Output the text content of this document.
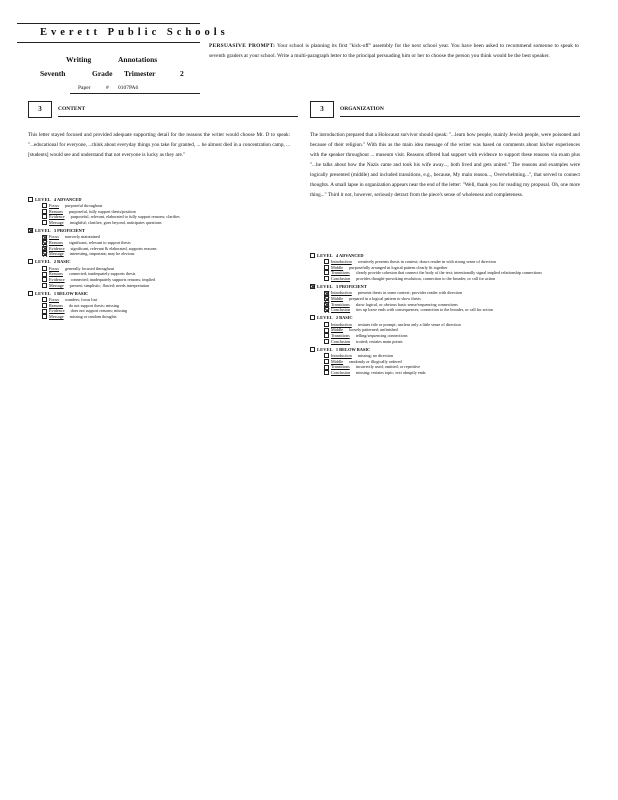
Everett Public Schools
Writing	Annotations
Seventh	Grade Trimester	2
Paper	# 0107PA6
PERSUASIVE PROMPT: Your school is planning its first "kick-off" assembly for the next school year. You have been asked to recommend someone to speak to seventh graders at your school. Write a multi-paragraph letter to the principal persuading him or her to choose the person you think would be the best speaker.
3	CONTENT
This letter stayed focused and provided adequate supporting detail for the reasons the writer would choose Mr. D to speak: "...educational for everyone, ...think about everyday things you take for granted, ... he almost died in a concentration camp, ...[students] would see and understand that not everyone is lucky as they are."
LEVEL 4 ADVANCED
Focus purposeful throughout
Reasons purposeful, fully support thesis/position
Evidence purposeful, relevant, elaborated to fully support reasons; clarifies
Message insightful; clarifies; goes beyond, anticipates questions
LEVEL 3 PROFICIENT
Focus narrowly maintained
Reasons significant, relevant to support thesis
Evidence significant, relevant & elaborated, supports reasons
Message interesting, important; may be obvious
LEVEL 2 BASIC
Focus generally focused throughout
Reasons connected; inadequately supports thesis
Evidence connected; inadequately supports reasons; implied
Message present; simplistic; flawed; needs interpretation
LEVEL 1 BELOW BASIC
Focus wanders; focus lost
Reasons do not support thesis; missing
Evidence does not support reasons; missing
Message missing or random thoughts
3	ORGANIZATION
The introduction prepared that a Holocaust survivor should speak: "...learn how people, mainly Jewish people, were poisoned and because of their religion." With this as the main idea message of the writer was based on comments about his/her experiences with the speaker throughout ... museum visit. Reasons offered had support with evidence to support these reasons via exam plus "...he talks about how the Nazis came and took his wife away..., both lived and gets united." The reasons and examples were logically presented (middle) and included transitions, e.g., because, My main reason..., Overwhelming...", that served to connect thoughts. A small lapse in organization appears near the end of the letter: "Well, thank you for reading my proposal. Oh, one more thing..." Third it not, however, seriously detract from the piece's sense of wholeness and completeness.
LEVEL 4 ADVANCED
Introduction creatively presents thesis in context; draws reader in with strong sense of direction
Middle purposefully arranged in logical pattern clearly fit together
Transitions clearly provide cohesion that connect the body of the text; intentionally signal implied relationship connections
Conclusion provides thought-provoking resolution, connection to the broader, or call for action
LEVEL 3 PROFICIENT
Introduction presents thesis in some context; provides reader with direction
Middle prepared in a logical pattern to show thesis
Transitions show logical, or obvious basic sense/sequencing connections
Conclusion ties up loose ends with consequences; connection to the broader, or call for action
LEVEL 2 BASIC
Introduction restates title or prompt; unclear only a little sense of direction
Middle loosely patterned; unfinished
Transitions telling/sequencing connections
Conclusion trotted; restates main points
LEVEL 1 BELOW BASIC
Introduction missing; no direction
Middle randomly or illogically ordered
Transitions incorrectly used; omitted; or repetitive
Conclusion missing; restates topic; text abruptly ends
